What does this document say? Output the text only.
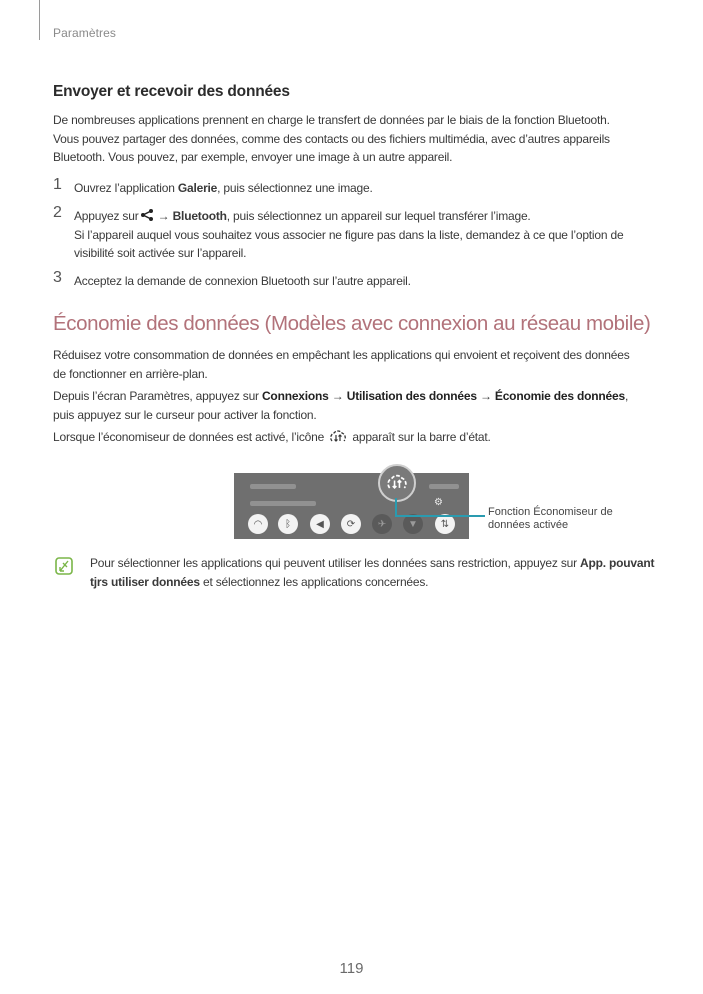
Paramètres
Envoyer et recevoir des données
De nombreuses applications prennent en charge le transfert de données par le biais de la fonction Bluetooth. Vous pouvez partager des données, comme des contacts ou des fichiers multimédia, avec d’autres appareils Bluetooth. Vous pouvez, par exemple, envoyer une image à un autre appareil.
1 Ouvrez l’application Galerie, puis sélectionnez une image.
2 Appuyez sur → Bluetooth, puis sélectionnez un appareil sur lequel transférer l’image.
Si l’appareil auquel vous souhaitez vous associer ne figure pas dans la liste, demandez à ce que l’option de visibilité soit activée sur l’appareil.
3 Acceptez la demande de connexion Bluetooth sur l’autre appareil.
Économie des données (Modèles avec connexion au réseau mobile)
Réduisez votre consommation de données en empêchant les applications qui envoient et reçoivent des données de fonctionner en arrière-plan.
Depuis l’écran Paramètres, appuyez sur Connexions → Utilisation des données → Économie des données, puis appuyez sur le curseur pour activer la fonction.
Lorsque l’économiseur de données est activé, l’icône  apparaît sur la barre d’état.
⚙
◠	ᛒ	◀	⟳	✈	▼	⇅
Fonction Économiseur de données activée
Pour sélectionner les applications qui peuvent utiliser les données sans restriction, appuyez sur App. pouvant tjrs utiliser données et sélectionnez les applications concernées.
119
